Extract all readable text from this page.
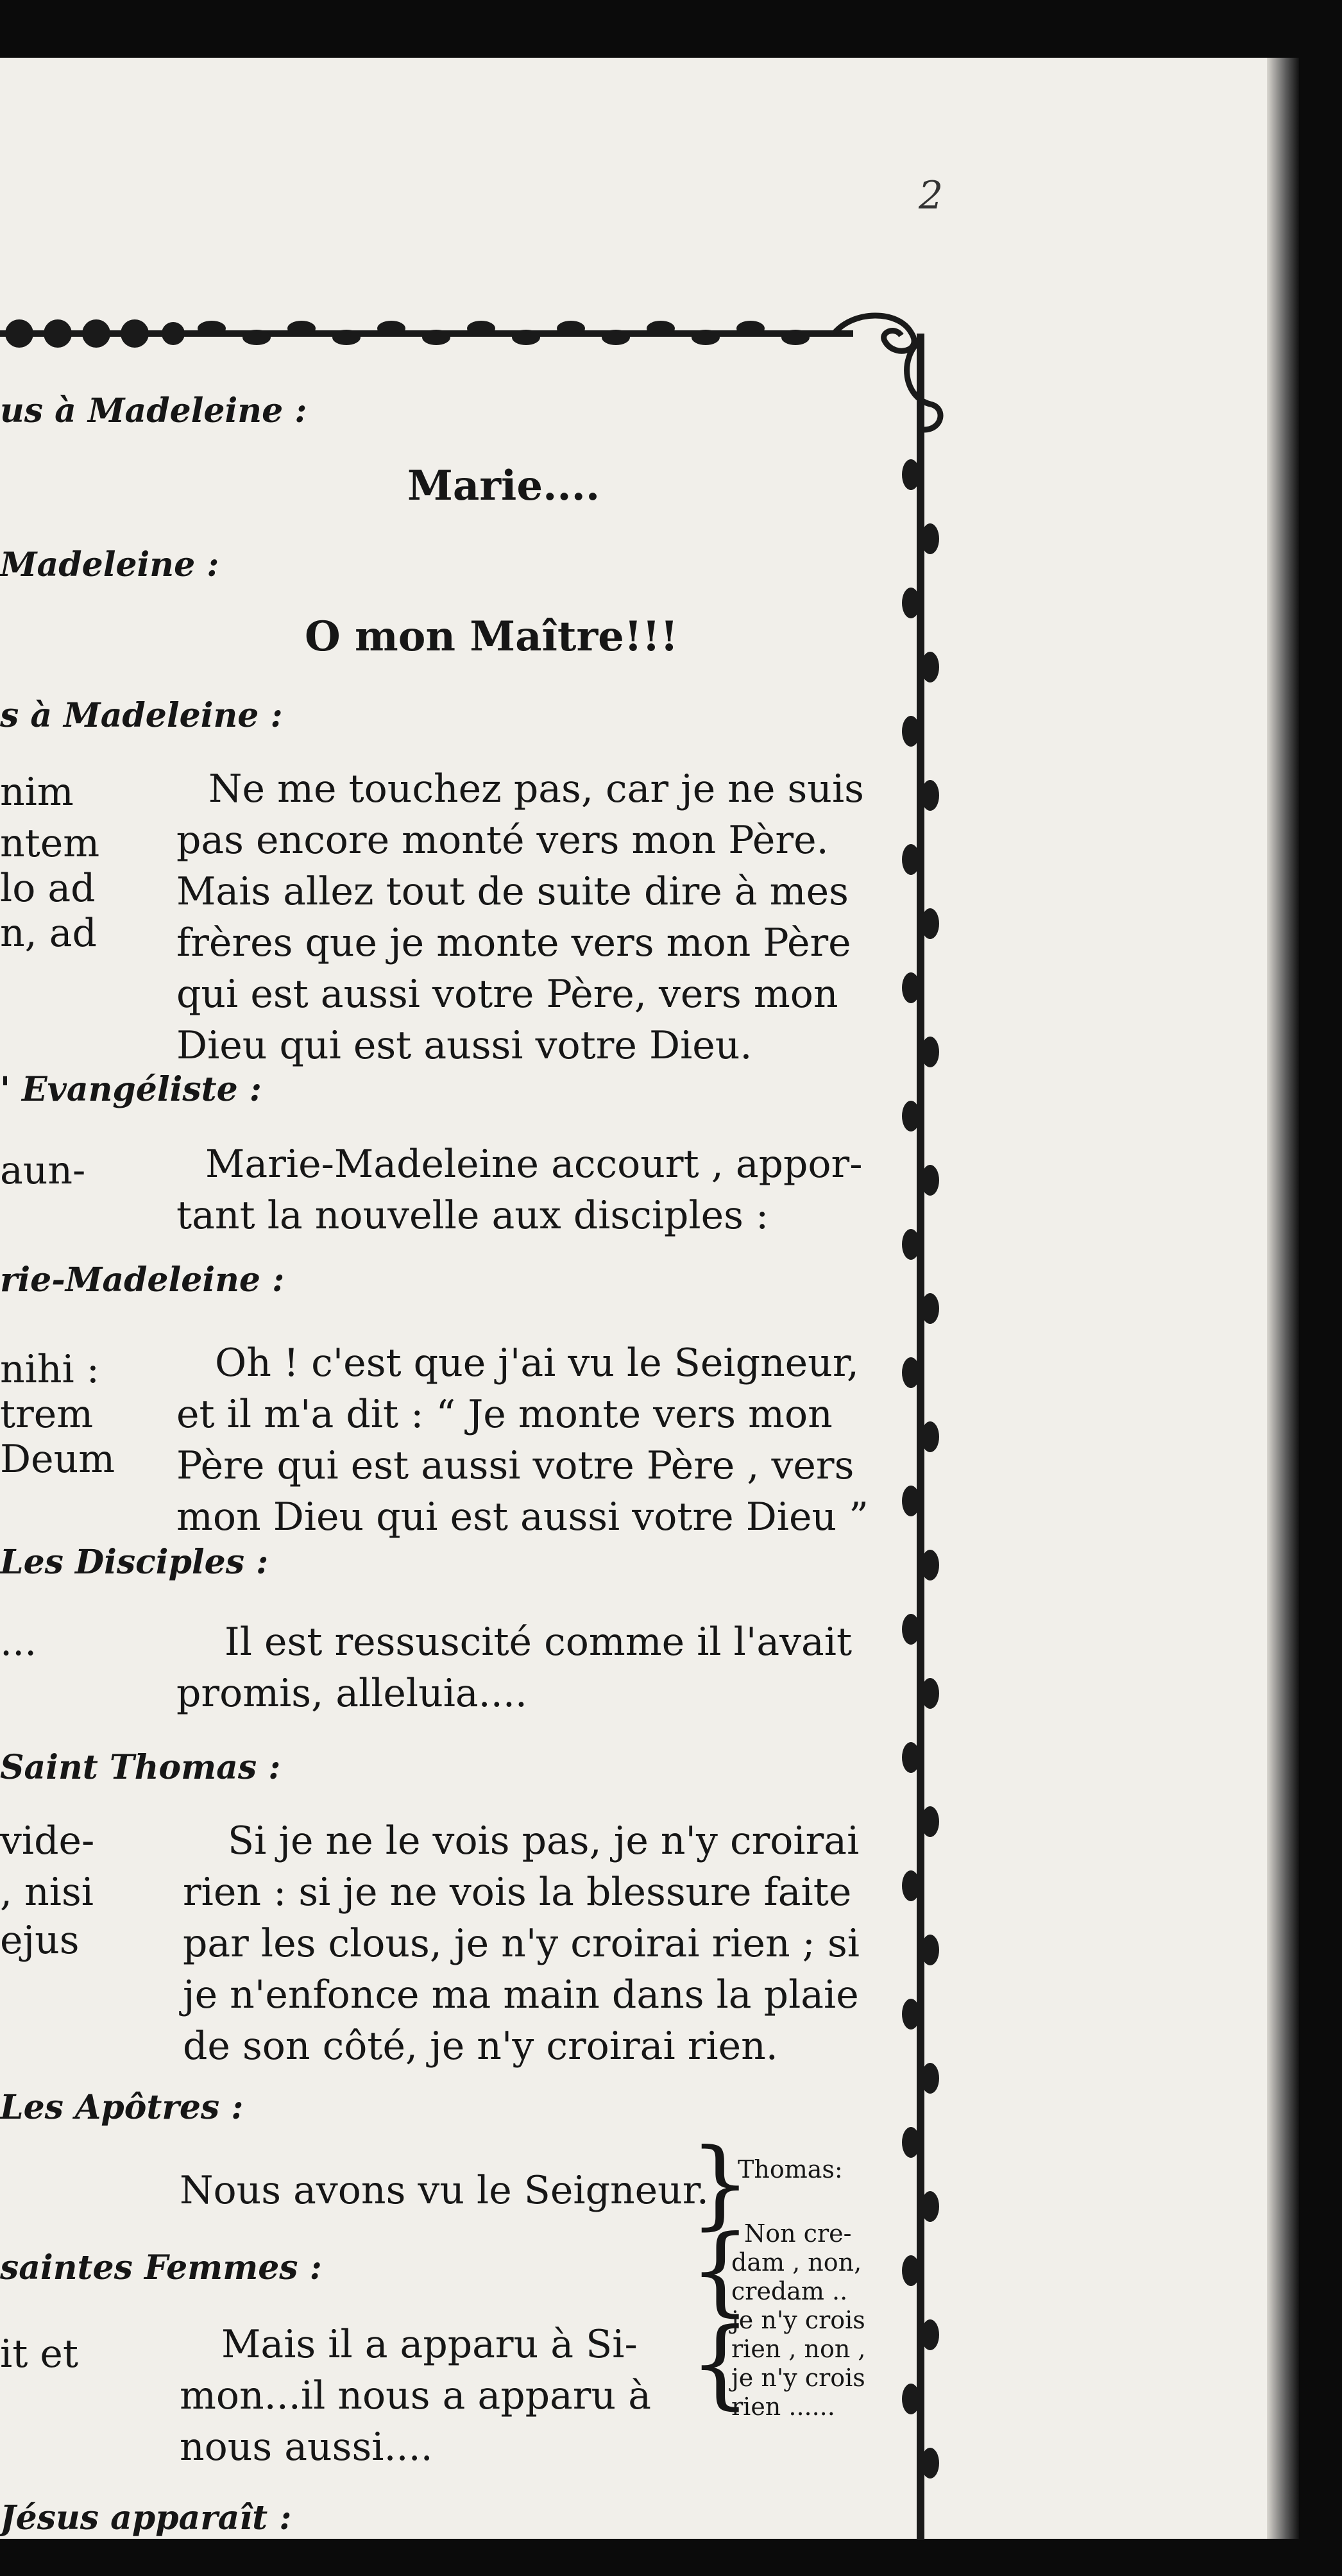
2
us à Madeleine :
Madeleine :
s à Madeleine :
' Evangéliste :
rie-Madeleine :
Les Disciples :
Saint Thomas :
Les Apôtres :
saintes Femmes :
Jésus apparaît :
Marie....
O mon Maître!!!
nim
ntem
lo ad
n, ad
aun-
nihi :
trem
Deum
...
vide-
, nisi
ejus
it et
Ne me touchez pas, car je ne suis
pas encore monté vers mon Père.
Mais allez tout de suite dire à mes
frères que je monte vers mon Père
qui est aussi votre Père, vers mon
Dieu qui est aussi votre Dieu.
Marie-Madeleine accourt , appor-
tant la nouvelle aux disciples :
Oh ! c'est que j'ai vu le Seigneur,
et il m'a dit : “ Je monte vers mon
Père qui est aussi votre Père , vers
mon Dieu qui est aussi votre Dieu ”
Il est ressuscité comme il l'avait
promis, alleluia....
Si je ne le vois pas, je n'y croirai
rien : si je ne vois la blessure faite
par les clous, je n'y croirai rien ; si
je n'enfonce ma main dans la plaie
de son côté, je n'y croirai rien.
Nous avons vu le Seigneur.
Mais il a apparu à Si-
mon...il nous a apparu à
nous aussi....
}
{
{
Thomas:
Non cre-
dam , non,
credam ..
je n'y crois
rien , non ,
je n'y crois
rien ......
